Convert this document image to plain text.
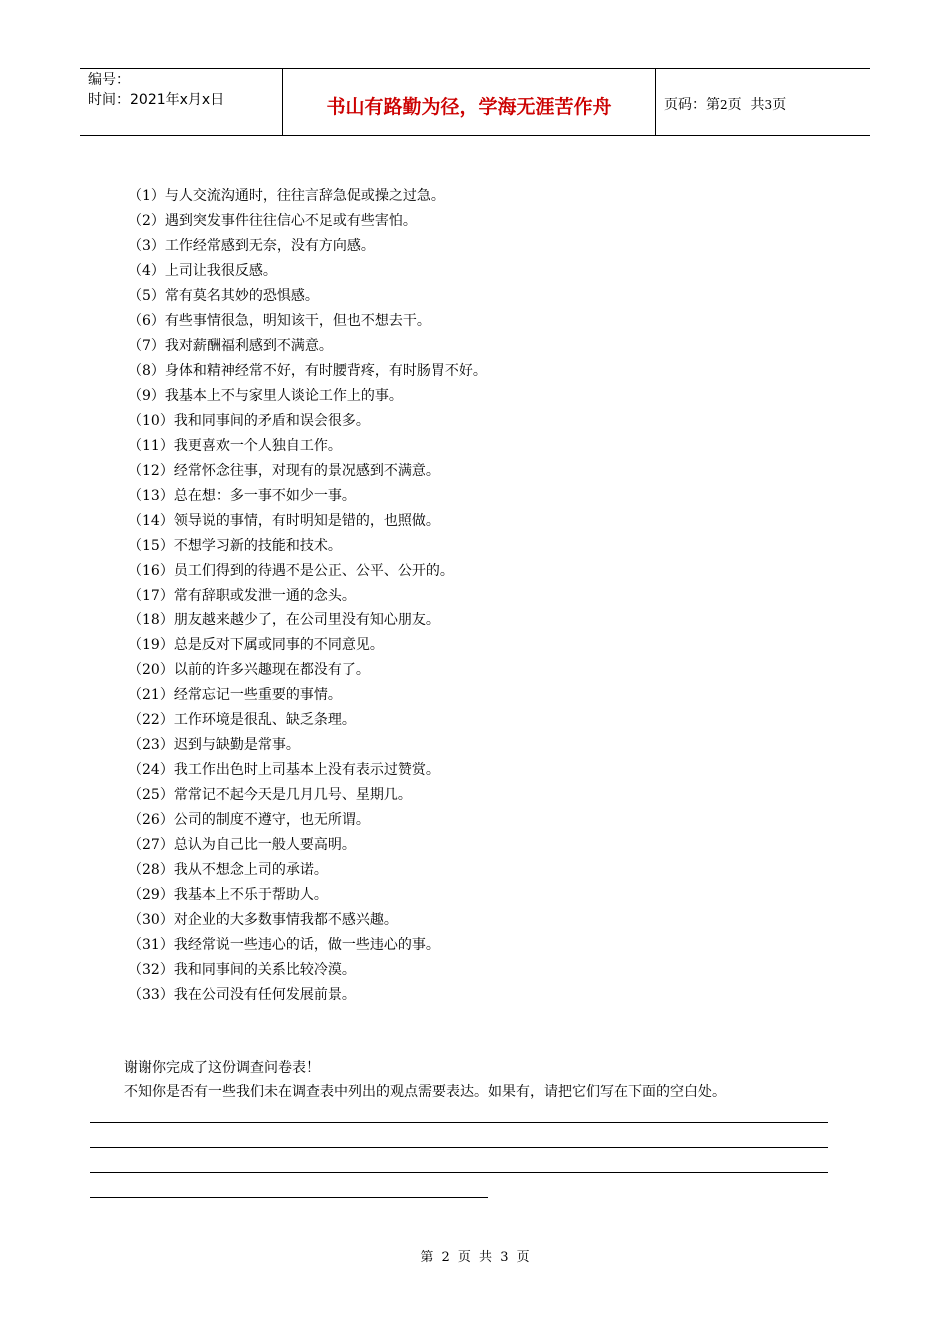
编号：
时间：2021年x月x日	书山有路勤为径，学海无涯苦作舟	页码：第2页  共3页
（1）与人交流沟通时，往往言辞急促或操之过急。
（2）遇到突发事件往往信心不足或有些害怕。
（3）工作经常感到无奈，没有方向感。
（4）上司让我很反感。
（5）常有莫名其妙的恐惧感。
（6）有些事情很急，明知该干，但也不想去干。
（7）我对薪酬福利感到不满意。
（8）身体和精神经常不好，有时腰背疼，有时肠胃不好。
（9）我基本上不与家里人谈论工作上的事。
（10）我和同事间的矛盾和误会很多。
（11）我更喜欢一个人独自工作。
（12）经常怀念往事，对现有的景况感到不满意。
（13）总在想：多一事不如少一事。
（14）领导说的事情，有时明知是错的，也照做。
（15）不想学习新的技能和技术。
（16）员工们得到的待遇不是公正、公平、公开的。
（17）常有辞职或发泄一通的念头。
（18）朋友越来越少了，在公司里没有知心朋友。
（19）总是反对下属或同事的不同意见。
（20）以前的许多兴趣现在都没有了。
（21）经常忘记一些重要的事情。
（22）工作环境是很乱、缺乏条理。
（23）迟到与缺勤是常事。
（24）我工作出色时上司基本上没有表示过赞赏。
（25）常常记不起今天是几月几号、星期几。
（26）公司的制度不遵守，也无所谓。
（27）总认为自己比一般人要高明。
（28）我从不想念上司的承诺。
（29）我基本上不乐于帮助人。
（30）对企业的大多数事情我都不感兴趣。
（31）我经常说一些违心的话，做一些违心的事。
（32）我和同事间的关系比较冷漠。
（33）我在公司没有任何发展前景。
谢谢你完成了这份调查问卷表！
不知你是否有一些我们未在调查表中列出的观点需要表达。如果有，请把它们写在下面的空白处。
第 2 页 共 3 页
